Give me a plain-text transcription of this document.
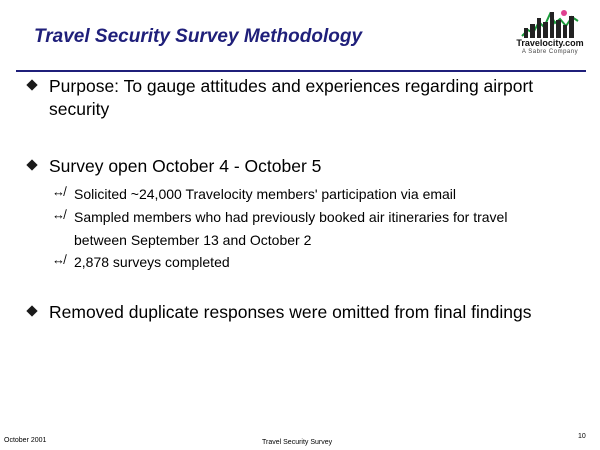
Travel Security Survey Methodology	Travelocity.com
A Sabre Company
Purpose: To gauge attitudes and experiences regarding airport security
Survey open October 4 - October 5
↮ Solicited ~24,000 Travelocity members' participation via email
↮ Sampled members who had previously booked air itineraries for travel between September 13 and October 2
↮ 2,878 surveys completed
Removed duplicate responses were omitted from final findings
October 2001	Travel Security Survey
10
